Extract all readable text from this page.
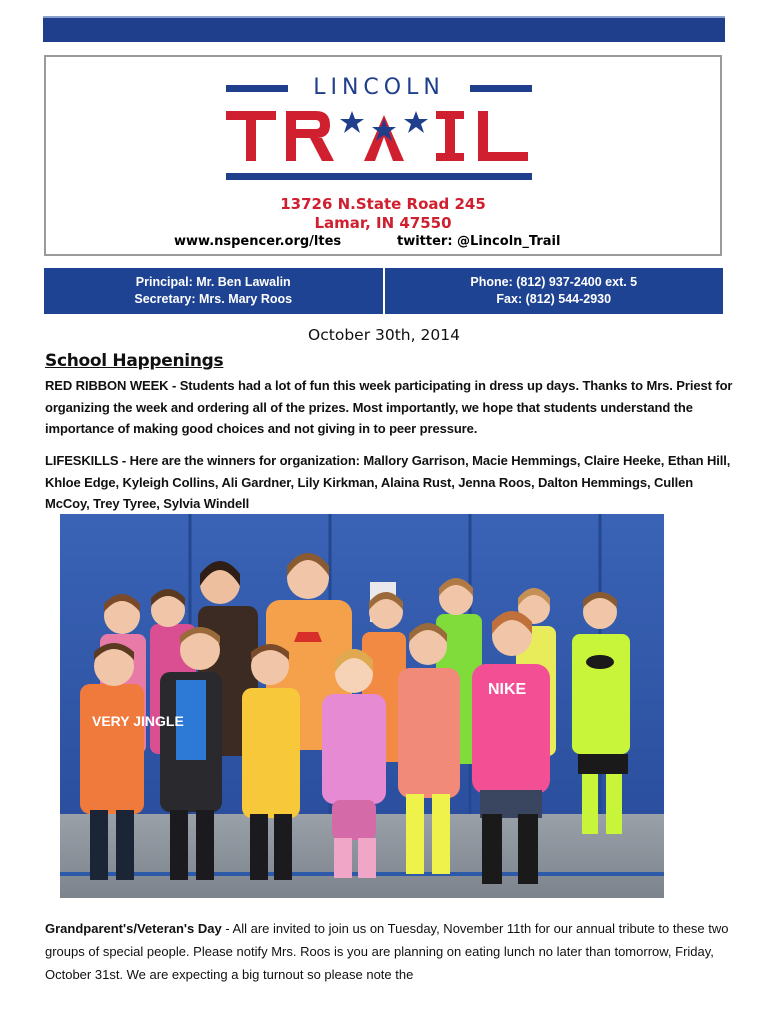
LINCOLN
13726 N.State Road 245
Lamar, IN 47550
www.nspencer.org/ltes	twitter: @Lincoln_Trail
Principal: Mr. Ben Lawalin
Secretary: Mrs. Mary Roos
Phone: (812) 937-2400 ext. 5
Fax: (812) 544-2930
October 30th, 2014
School Happenings
RED RIBBON WEEK - Students had a lot of fun this week participating in dress up days. Thanks to Mrs. Priest for organizing the week and ordering all of the prizes. Most importantly, we hope that students understand the importance of making good choices and not giving in to peer pressure.
LIFESKILLS - Here are the winners for organization: Mallory Garrison, Macie Hemmings, Claire Heeke, Ethan Hill, Khloe Edge, Kyleigh Collins, Ali Gardner, Lily Kirkman, Alaina Rust, Jenna Roos, Dalton Hemmings, Cullen McCoy, Trey Tyree, Sylvia Windell
VERY JINGLE
NIKE
Grandparent's/Veteran's Day - All are invited to join us on Tuesday, November 11th for our annual tribute to these two groups of special people. Please notify Mrs. Roos is you are planning on eating lunch no later than tomorrow, Friday, October 31st. We are expecting a big turnout so please note the
